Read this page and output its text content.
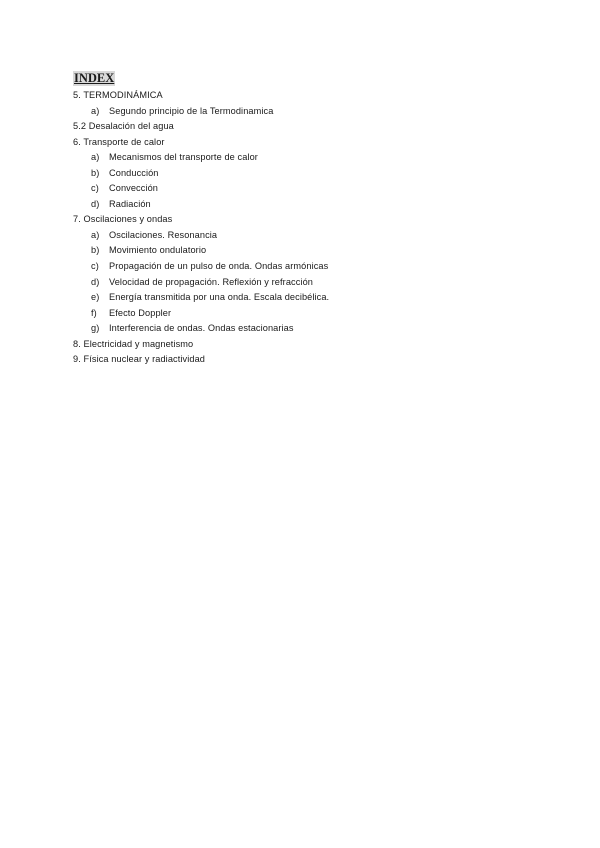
INDEX
5. TERMODINÁMICA
a) Segundo principio de la Termodinamica
5.2 Desalación del agua
6. Transporte de calor
a) Mecanismos del transporte de calor
b) Conducción
c) Convección
d) Radiación
7. Oscilaciones y ondas
a) Oscilaciones. Resonancia
b) Movimiento ondulatorio
c) Propagación de un pulso de onda. Ondas armónicas
d) Velocidad de propagación. Reflexión y refracción
e) Energía transmitida por una onda. Escala decibélica.
f) Efecto Doppler
g) Interferencia de ondas. Ondas estacionarias
8. Electricidad y magnetismo
9. Física nuclear y radiactividad
